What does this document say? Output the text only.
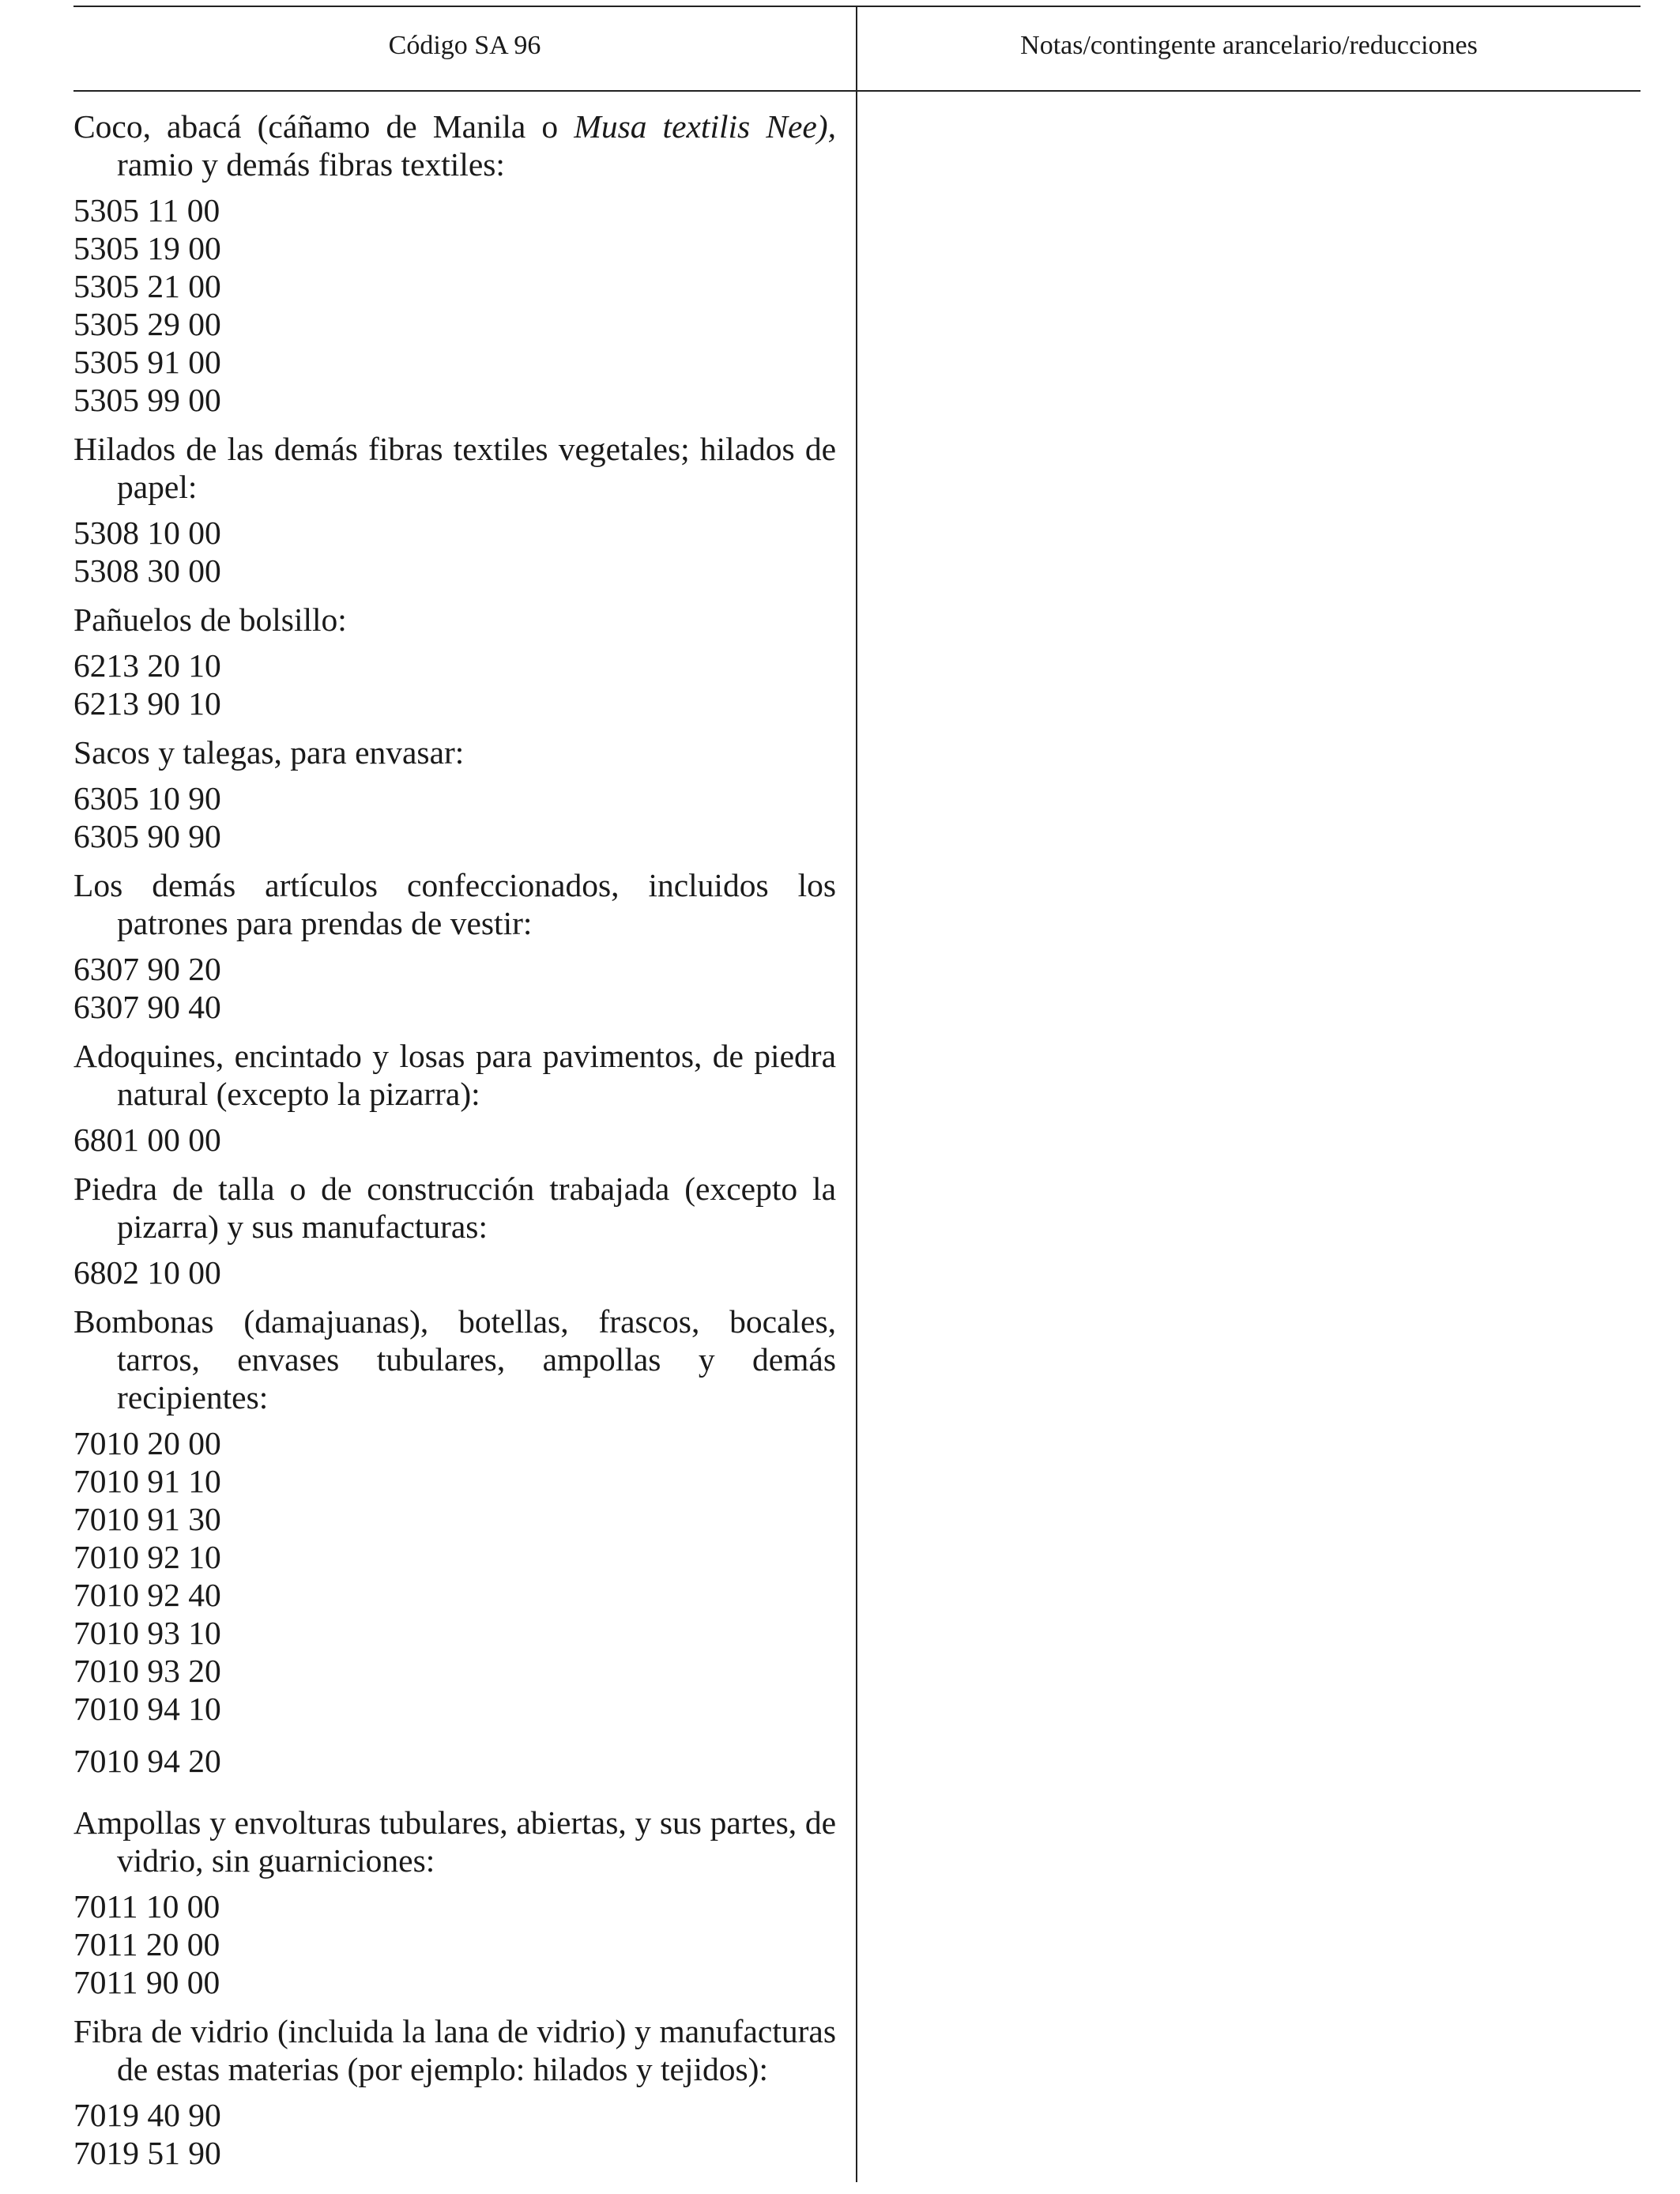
Código SA 96	Notas/contingente arancelario/reducciones
Coco, abacá (cáñamo de Manila o Musa textilis Nee), ramio y demás fibras textiles:
5305 11 00
5305 19 00
5305 21 00
5305 29 00
5305 91 00
5305 99 00
Hilados de las demás fibras textiles vegetales; hilados de papel:
5308 10 00
5308 30 00
Pañuelos de bolsillo:
6213 20 10
6213 90 10
Sacos y talegas, para envasar:
6305 10 90
6305 90 90
Los demás artículos confeccionados, incluidos los patrones para prendas de vestir:
6307 90 20
6307 90 40
Adoquines, encintado y losas para pavimentos, de piedra natural (excepto la pizarra):
6801 00 00
Piedra de talla o de construcción trabajada (excepto la pizarra) y sus manufacturas:
6802 10 00
Bombonas (damajuanas), botellas, frascos, bocales, tarros, envases tubulares, ampollas y demás recipientes:
7010 20 00
7010 91 10
7010 91 30
7010 92 10
7010 92 40
7010 93 10
7010 93 20
7010 94 10
7010 94 20
Ampollas y envolturas tubulares, abiertas, y sus partes, de vidrio, sin guarniciones:
7011 10 00
7011 20 00
7011 90 00
Fibra de vidrio (incluida la lana de vidrio) y manufacturas de estas materias (por ejemplo: hilados y tejidos):
7019 40 90
7019 51 90
